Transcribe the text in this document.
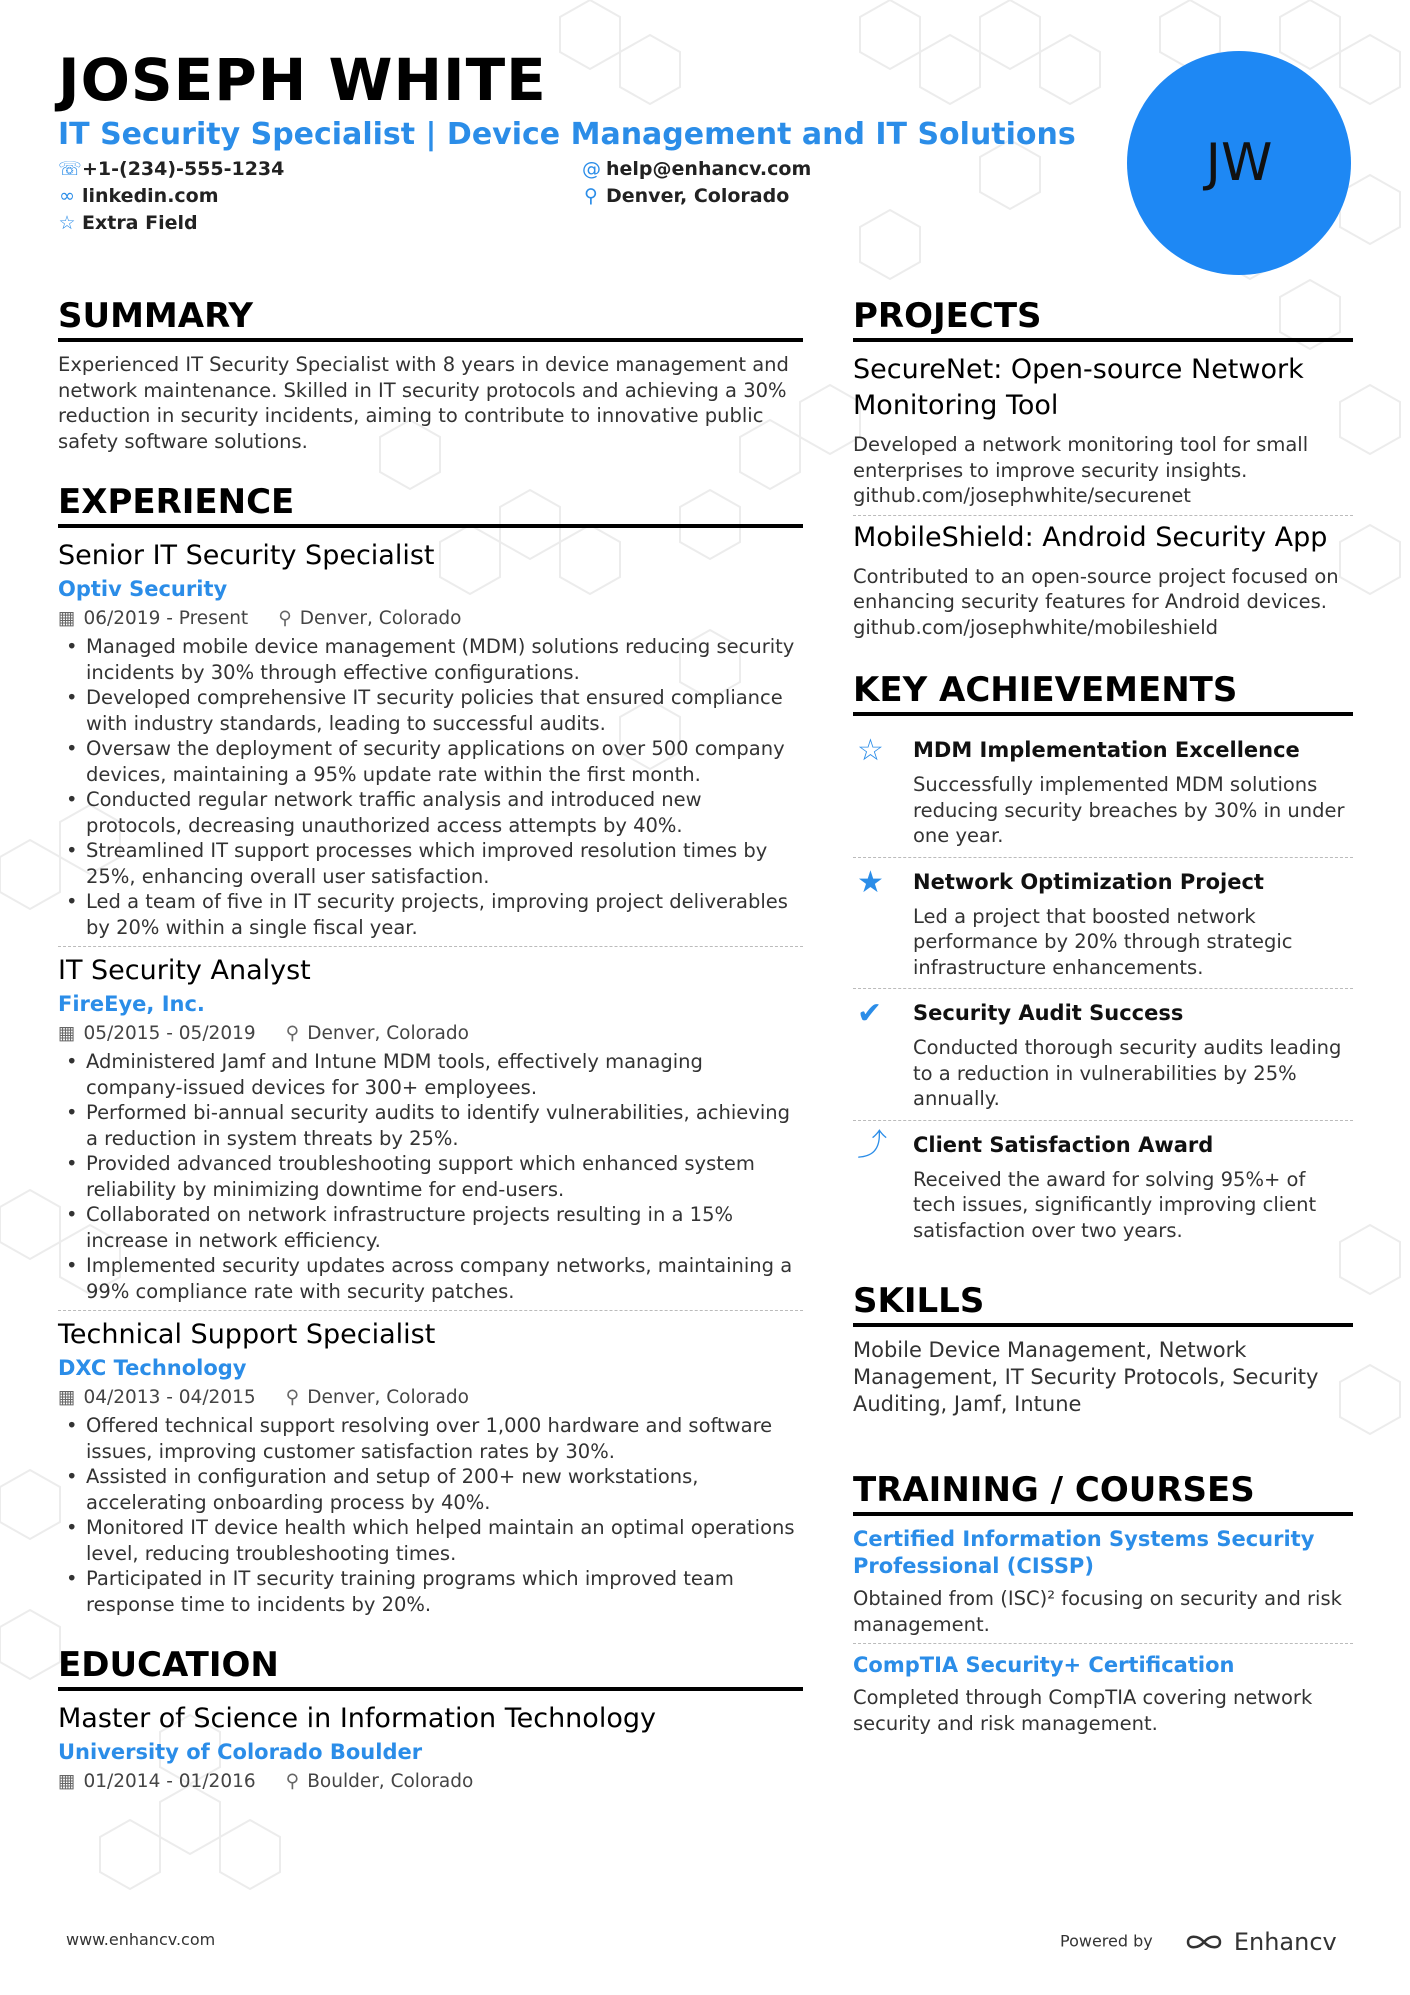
JOSEPH WHITE
IT Security Specialist | Device Management and IT Solutions
☏+1-(234)-555-1234	@ help@enhancv.com
∞ linkedin.com	⚲ Denver, Colorado
☆ Extra Field
JW
SUMMARY
Experienced IT Security Specialist with 8 years in device management and network maintenance. Skilled in IT security protocols and achieving a 30% reduction in security incidents, aiming to contribute to innovative public safety software solutions.
EXPERIENCE
Senior IT Security Specialist
Optiv Security
▦ 06/2019 - Present ⚲ Denver, Colorado
• Managed mobile device management (MDM) solutions reducing security incidents by 30% through effective configurations.
• Developed comprehensive IT security policies that ensured compliance with industry standards, leading to successful audits.
• Oversaw the deployment of security applications on over 500 company devices, maintaining a 95% update rate within the first month.
• Conducted regular network traffic analysis and introduced new protocols, decreasing unauthorized access attempts by 40%.
• Streamlined IT support processes which improved resolution times by 25%, enhancing overall user satisfaction.
• Led a team of five in IT security projects, improving project deliverables by 20% within a single fiscal year.
IT Security Analyst
FireEye, Inc.
▦ 05/2015 - 05/2019 ⚲ Denver, Colorado
• Administered Jamf and Intune MDM tools, effectively managing company-issued devices for 300+ employees.
• Performed bi-annual security audits to identify vulnerabilities, achieving a reduction in system threats by 25%.
• Provided advanced troubleshooting support which enhanced system reliability by minimizing downtime for end-users.
• Collaborated on network infrastructure projects resulting in a 15% increase in network efficiency.
• Implemented security updates across company networks, maintaining a 99% compliance rate with security patches.
Technical Support Specialist
DXC Technology
▦ 04/2013 - 04/2015 ⚲ Denver, Colorado
• Offered technical support resolving over 1,000 hardware and software issues, improving customer satisfaction rates by 30%.
• Assisted in configuration and setup of 200+ new workstations, accelerating onboarding process by 40%.
• Monitored IT device health which helped maintain an optimal operations level, reducing troubleshooting times.
• Participated in IT security training programs which improved team response time to incidents by 20%.
EDUCATION
Master of Science in Information Technology
University of Colorado Boulder
▦ 01/2014 - 01/2016 ⚲ Boulder, Colorado
PROJECTS
SecureNet: Open-source Network Monitoring Tool
Developed a network monitoring tool for small enterprises to improve security insights. github.com/josephwhite/securenet
MobileShield: Android Security App
Contributed to an open-source project focused on enhancing security features for Android devices. github.com/josephwhite/mobileshield
KEY ACHIEVEMENTS
☆	MDM Implementation Excellence
Successfully implemented MDM solutions reducing security breaches by 30% in under one year.
★	Network Optimization Project
Led a project that boosted network performance by 20% through strategic infrastructure enhancements.
✔	Security Audit Success
Conducted thorough security audits leading to a reduction in vulnerabilities by 25% annually.
⤴	Client Satisfaction Award
Received the award for solving 95%+ of tech issues, significantly improving client satisfaction over two years.
SKILLS
Mobile Device Management, Network Management, IT Security Protocols, Security Auditing, Jamf, Intune
TRAINING / COURSES
Certified Information Systems Security Professional (CISSP)
Obtained from (ISC)² focusing on security and risk management.
CompTIA Security+ Certification
Completed through CompTIA covering network security and risk management.
www.enhancv.com	Powered by	Enhancv
